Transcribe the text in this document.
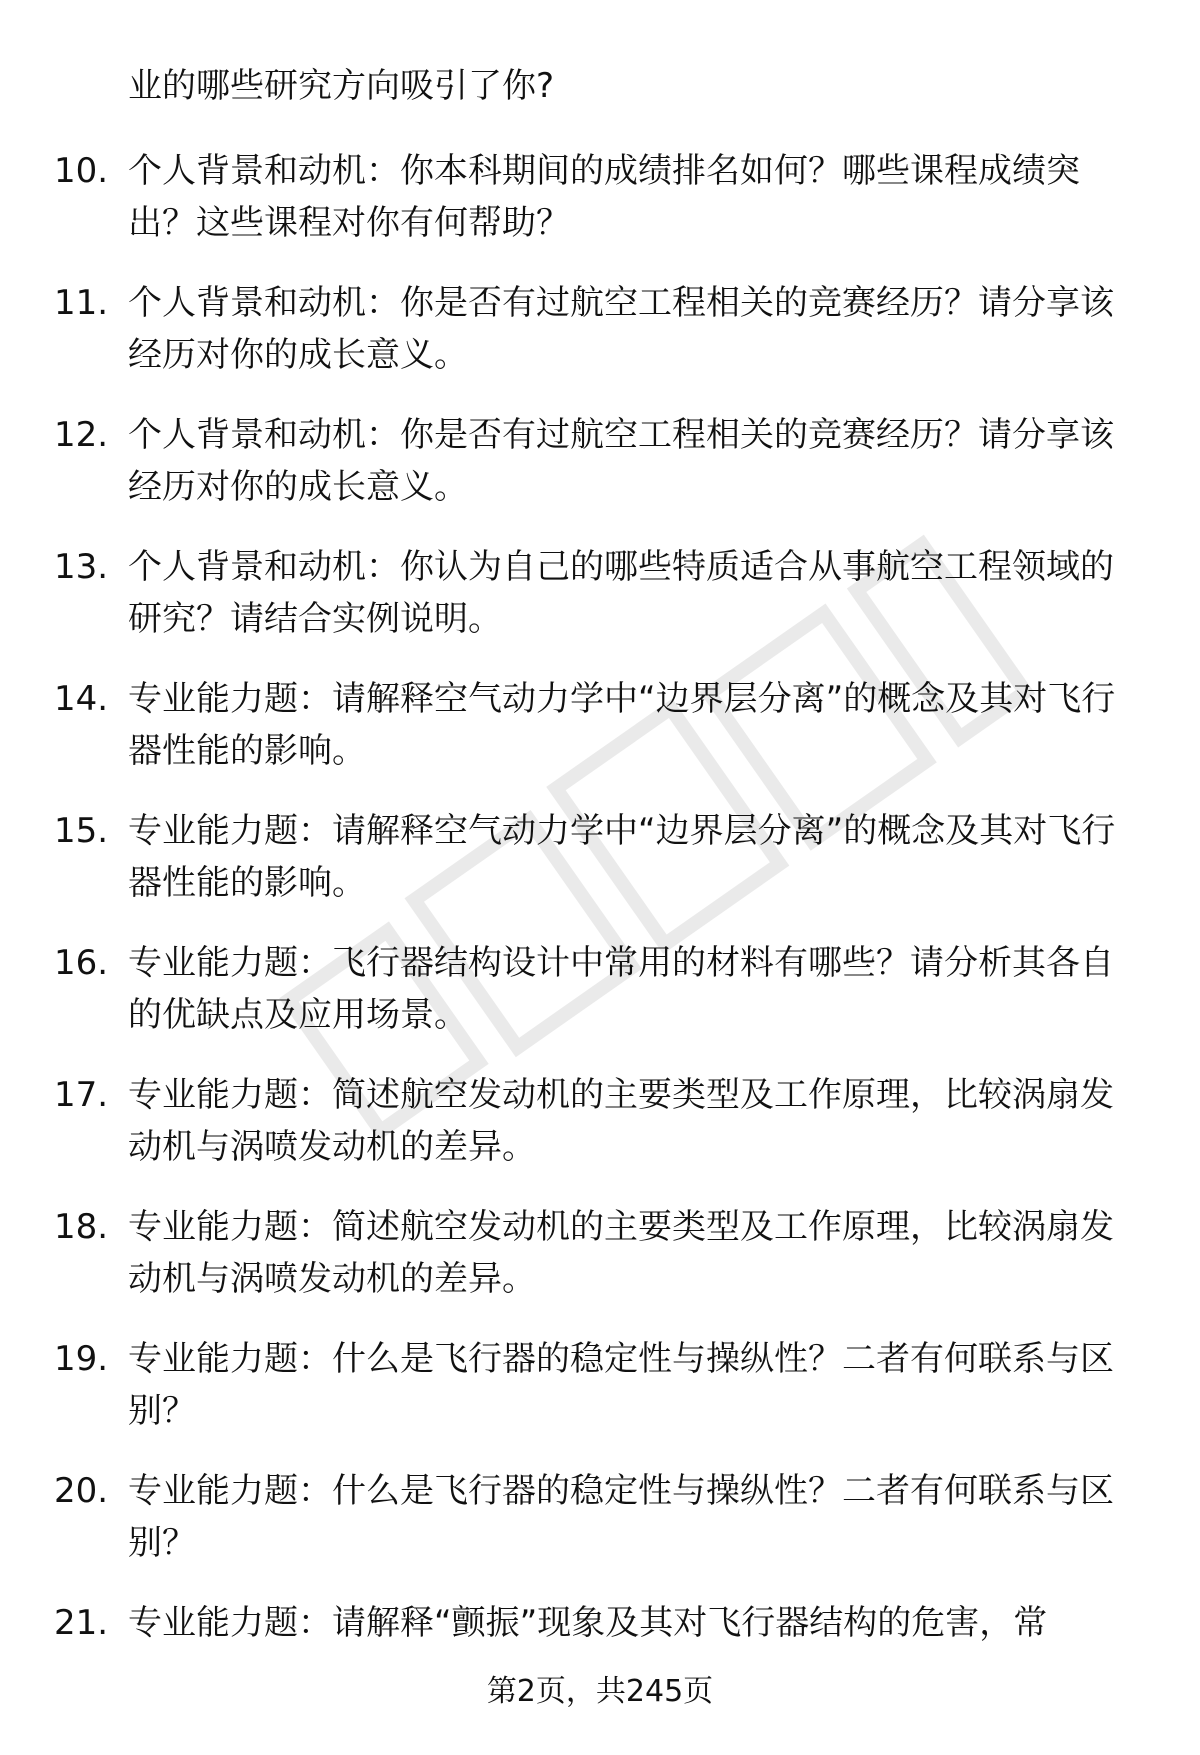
业的哪些研究方向吸引了你?
10. 个人背景和动机：你本科期间的成绩排名如何？哪些课程成绩突出？这些课程对你有何帮助？
11. 个人背景和动机：你是否有过航空工程相关的竞赛经历？请分享该经历对你的成长意义。
12. 个人背景和动机：你是否有过航空工程相关的竞赛经历？请分享该经历对你的成长意义。
13. 个人背景和动机：你认为自己的哪些特质适合从事航空工程领域的研究？请结合实例说明。
14. 专业能力题：请解释空气动力学中“边界层分离”的概念及其对飞行器性能的影响。
15. 专业能力题：请解释空气动力学中“边界层分离”的概念及其对飞行器性能的影响。
16. 专业能力题：飞行器结构设计中常用的材料有哪些？请分析其各自的优缺点及应用场景。
17. 专业能力题：简述航空发动机的主要类型及工作原理，比较涡扇发动机与涡喷发动机的差异。
18. 专业能力题：简述航空发动机的主要类型及工作原理，比较涡扇发动机与涡喷发动机的差异。
19. 专业能力题：什么是飞行器的稳定性与操纵性？二者有何联系与区别？
20. 专业能力题：什么是飞行器的稳定性与操纵性？二者有何联系与区别？
21. 专业能力题：请解释“颤振”现象及其对飞行器结构的危害，常
第2页，共245页
